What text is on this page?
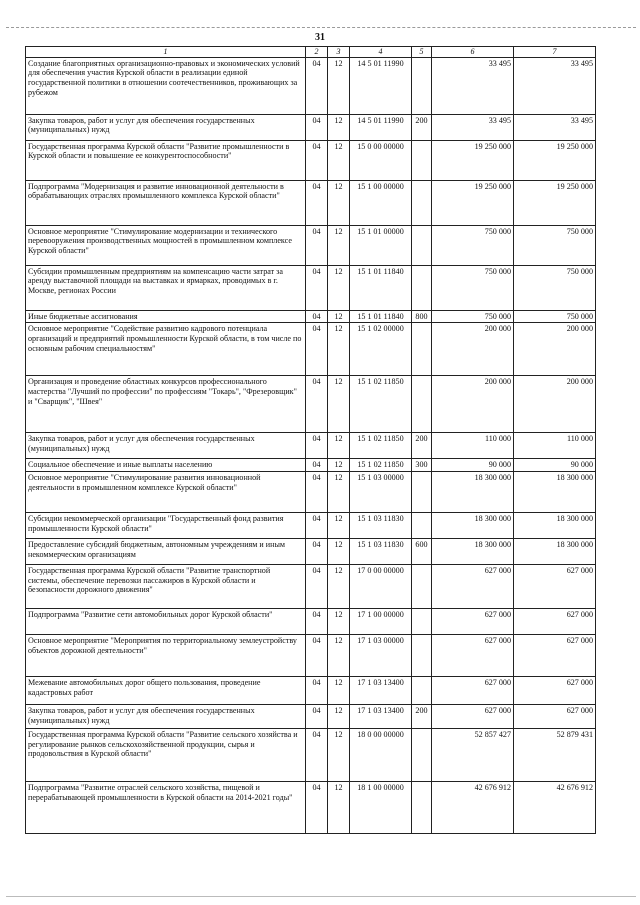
31
1	2	3	4	5	6	7
Создание благоприятных организационно-правовых и экономических условий для обеспечения участия Курской области в реализации единой государственной политики в отношении соотечественников, проживающих за рубежом	04	12	14 5 01 11990		33 495	33 495
Закупка товаров, работ и услуг для обеспечения государственных (муниципальных) нужд	04	12	14 5 01 11990	200	33 495	33 495
Государственная программа Курской области "Развитие промышленности в Курской области и повышение ее конкурентоспособности"	04	12	15 0 00 00000		19 250 000	19 250 000
Подпрограмма "Модернизация и развитие инновационной деятельности в обрабатывающих отраслях промышленного комплекса Курской области"	04	12	15 1 00 00000		19 250 000	19 250 000
Основное мероприятие "Стимулирование модернизации и технического перевооружения производственных мощностей в промышленном комплексе Курской области"	04	12	15 1 01 00000		750 000	750 000
Субсидии промышленным предприятиям на компенсацию части затрат за аренду выставочной площади на выставках и ярмарках, проводимых в г. Москве, регионах России	04	12	15 1 01 11840		750 000	750 000
Иные бюджетные ассигнования	04	12	15 1 01 11840	800	750 000	750 000
Основное мероприятие "Содействие развитию кадрового потенциала организаций и предприятий промышленности Курской области, в том числе по основным рабочим специальностям"	04	12	15 1 02 00000		200 000	200 000
Организация и проведение областных конкурсов профессионального мастерства "Лучший по профессии" по профессиям "Токарь", "Фрезеровщик" и "Сварщик", "Швея"	04	12	15 1 02 11850		200 000	200 000
Закупка товаров, работ и услуг для обеспечения государственных (муниципальных) нужд	04	12	15 1 02 11850	200	110 000	110 000
Социальное обеспечение и иные выплаты населению	04	12	15 1 02 11850	300	90 000	90 000
Основное мероприятие "Стимулирование развития инновационной деятельности в промышленном комплексе Курской области"	04	12	15 1 03 00000		18 300 000	18 300 000
Субсидии некоммерческой организации "Государственный фонд развития промышленности Курской области"	04	12	15 1 03 11830		18 300 000	18 300 000
Предоставление субсидий бюджетным, автономным учреждениям и иным некоммерческим организациям	04	12	15 1 03 11830	600	18 300 000	18 300 000
Государственная программа Курской области "Развитие транспортной системы, обеспечение перевозки пассажиров в Курской области и безопасности дорожного движения"	04	12	17 0 00 00000		627 000	627 000
Подпрограмма "Развитие сети автомобильных дорог Курской области"	04	12	17 1 00 00000		627 000	627 000
Основное мероприятие "Мероприятия по территориальному землеустройству объектов дорожной деятельности"	04	12	17 1 03 00000		627 000	627 000
Межевание автомобильных дорог общего пользования, проведение кадастровых работ	04	12	17 1 03 13400		627 000	627 000
Закупка товаров, работ и услуг для обеспечения государственных (муниципальных) нужд	04	12	17 1 03 13400	200	627 000	627 000
Государственная программа Курской области "Развитие сельского хозяйства и регулирование рынков сельскохозяйственной продукции, сырья и продовольствия в Курской области"	04	12	18 0 00 00000		52 857 427	52 879 431
Подпрограмма "Развитие отраслей сельского хозяйства, пищевой и перерабатывающей промышленности в Курской области на 2014-2021 годы"	04	12	18 1 00 00000		42 676 912	42 676 912
